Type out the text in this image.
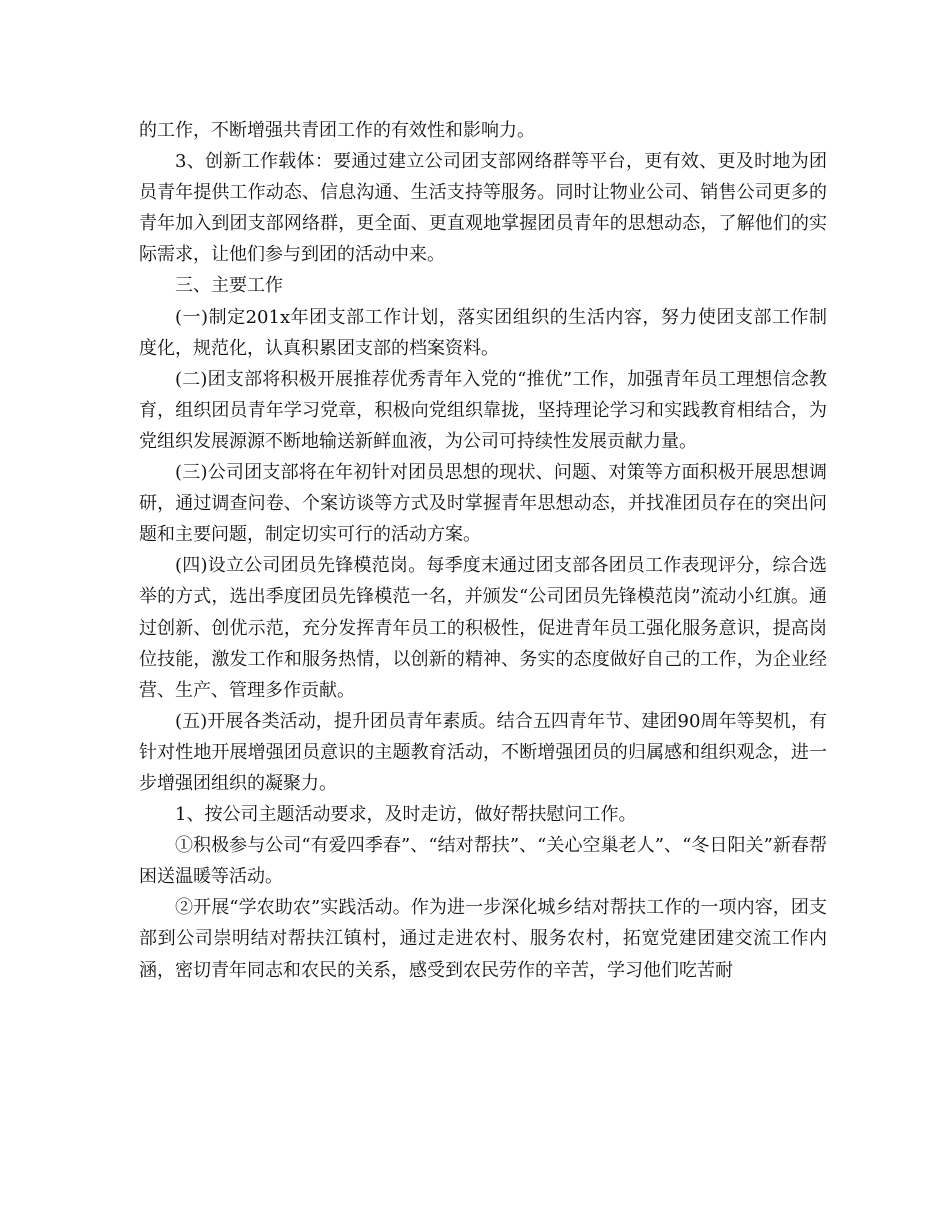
的工作，不断增强共青团工作的有效性和影响力。

3、创新工作载体：要通过建立公司团支部网络群等平台，更有效、更及时地为团员青年提供工作动态、信息沟通、生活支持等服务。同时让物业公司、销售公司更多的青年加入到团支部网络群，更全面、更直观地掌握团员青年的思想动态，了解他们的实际需求，让他们参与到团的活动中来。

三、主要工作

(一)制定201x年团支部工作计划，落实团组织的生活内容，努力使团支部工作制度化，规范化，认真积累团支部的档案资料。

(二)团支部将积极开展推荐优秀青年入党的“推优”工作，加强青年员工理想信念教育，组织团员青年学习党章，积极向党组织靠拢，坚持理论学习和实践教育相结合，为党组织发展源源不断地输送新鲜血液，为公司可持续性发展贡献力量。

(三)公司团支部将在年初针对团员思想的现状、问题、对策等方面积极开展思想调研，通过调查问卷、个案访谈等方式及时掌握青年思想动态，并找准团员存在的突出问题和主要问题，制定切实可行的活动方案。

(四)设立公司团员先锋模范岗。每季度末通过团支部各团员工作表现评分，综合选举的方式，选出季度团员先锋模范一名，并颁发“公司团员先锋模范岗”流动小红旗。通过创新、创优示范，充分发挥青年员工的积极性，促进青年员工强化服务意识，提高岗位技能，激发工作和服务热情，以创新的精神、务实的态度做好自己的工作，为企业经营、生产、管理多作贡献。

(五)开展各类活动，提升团员青年素质。结合五四青年节、建团90周年等契机，有针对性地开展增强团员意识的主题教育活动，不断增强团员的归属感和组织观念，进一步增强团组织的凝聚力。

1、按公司主题活动要求，及时走访，做好帮扶慰问工作。

①积极参与公司“有爱四季春”、“结对帮扶”、“关心空巢老人”、“冬日阳关”新春帮困送温暖等活动。

②开展“学农助农”实践活动。作为进一步深化城乡结对帮扶工作的一项内容，团支部到公司崇明结对帮扶江镇村，通过走进农村、服务农村，拓宽党建团建交流工作内涵，密切青年同志和农民的关系，感受到农民劳作的辛苦，学习他们吃苦耐
